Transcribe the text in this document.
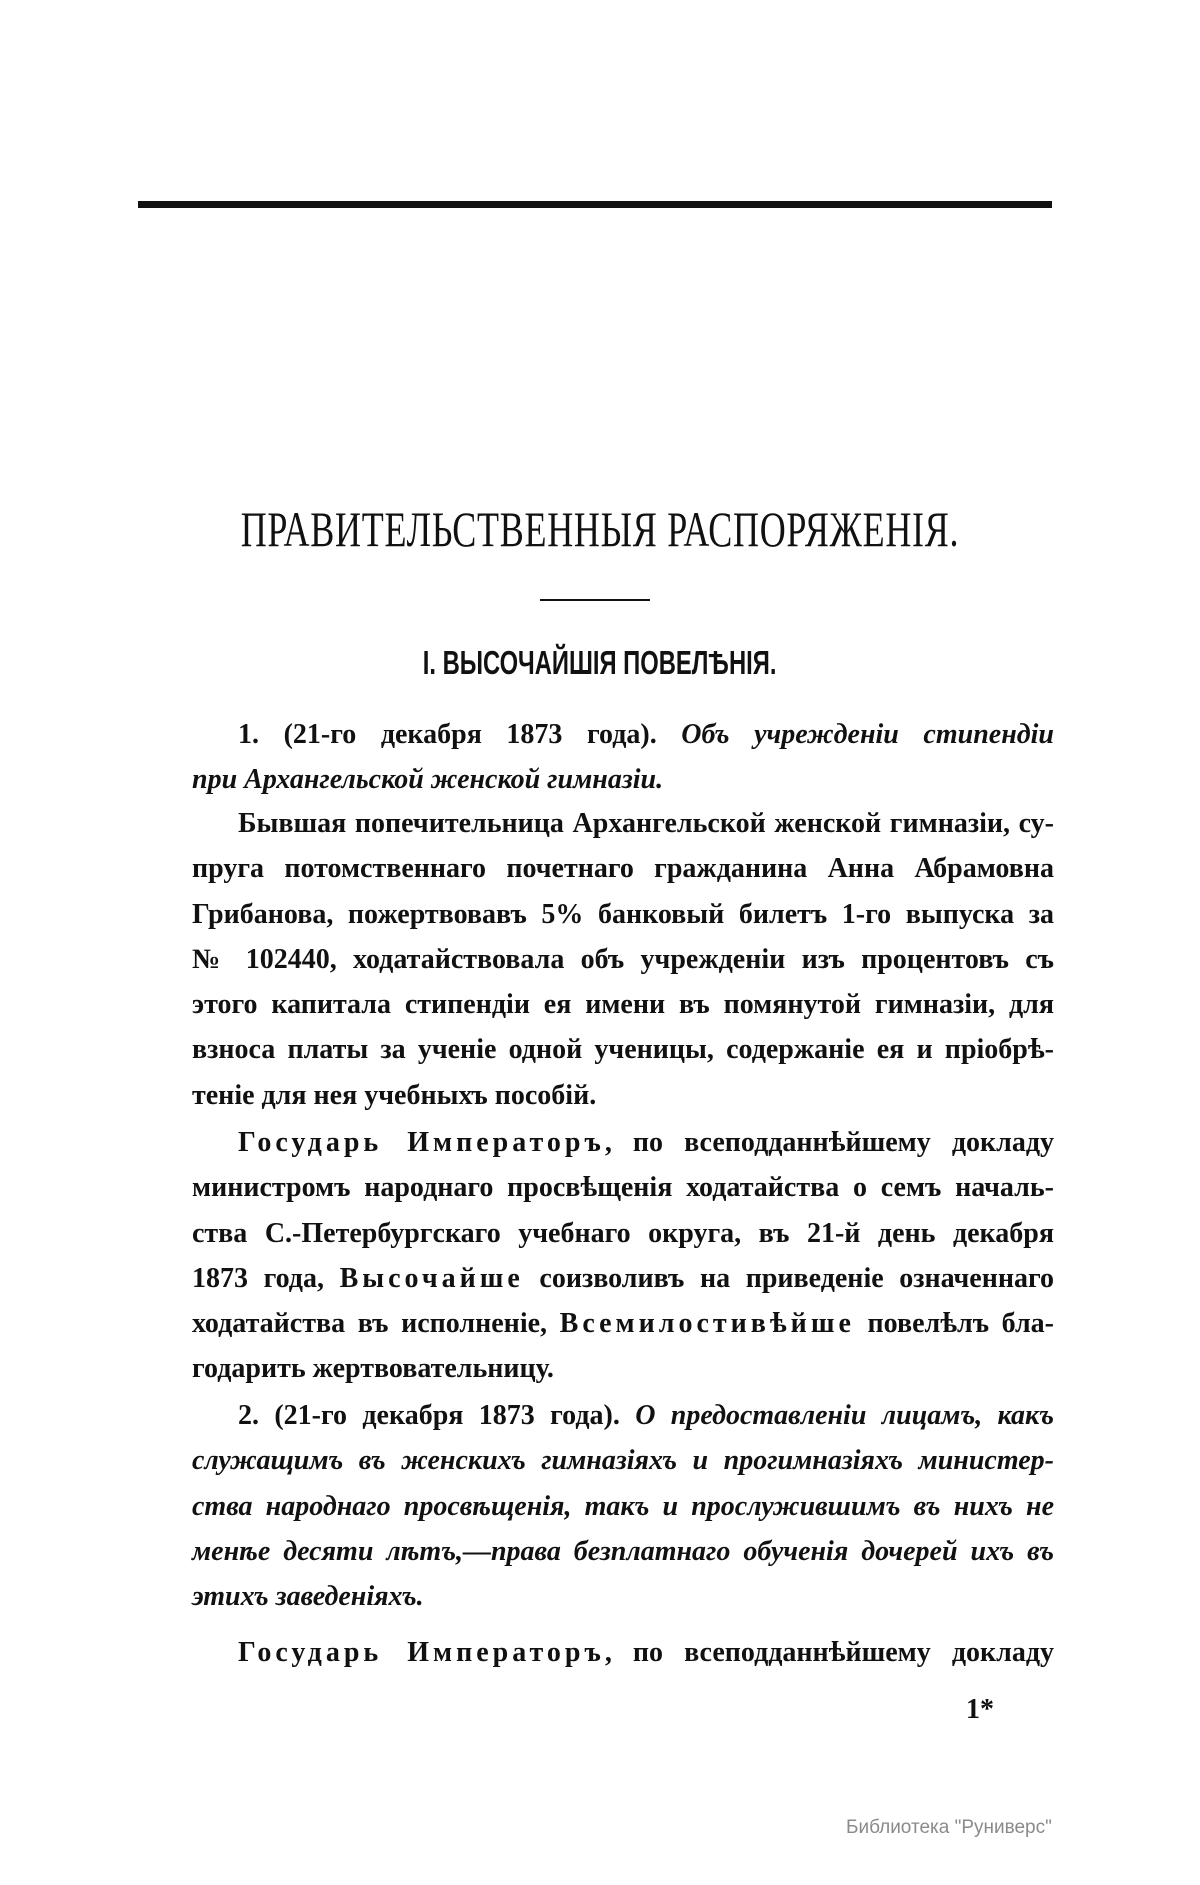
ПРАВИТЕЛЬСТВЕННЫЯ РАСПОРЯЖЕНІЯ.
I. ВЫСОЧАЙШІЯ ПОВЕЛѢНІЯ.
1. (21-го декабря 1873 года). Объ учрежденіи стипендіи
при Архангельской женской гимназіи.
Бывшая попечительница Архангельской женской гимназіи, су-
пруга потомственнаго почетнаго гражданина Анна Абрамовна
Грибанова, пожертвовавъ 5% банковый билетъ 1-го выпуска за
№ 102440, ходатайствовала объ учрежденіи изъ процентовъ съ
этого капитала стипендіи ея имени въ помянутой гимназіи, для
взноса платы за ученіе одной ученицы, содержаніе ея и пріобрѣ-
теніе для нея учебныхъ пособій.
Государь Императоръ, по всеподданнѣйшему докладу
министромъ народнаго просвѣщенія ходатайства о семъ началь-
ства С.-Петербургскаго учебнаго округа, въ 21-й день декабря
1873 года, Высочайше соизволивъ на приведеніе означеннаго
ходатайства въ исполненіе, Всемилостивѣйше повелѣлъ бла-
годарить жертвовательницу.
2. (21-го декабря 1873 года). О предоставленіи лицамъ, какъ
служащимъ въ женскихъ гимназіяхъ и прогимназіяхъ министер-
ства народнаго просвѣщенія, такъ и прослужившимъ въ нихъ не
менѣе десяти лѣтъ,—права безплатнаго обученія дочерей ихъ въ
этихъ заведеніяхъ.
Государь Императоръ, по всеподданнѣйшему докладу
1*
Библиотека "Руниверс"
